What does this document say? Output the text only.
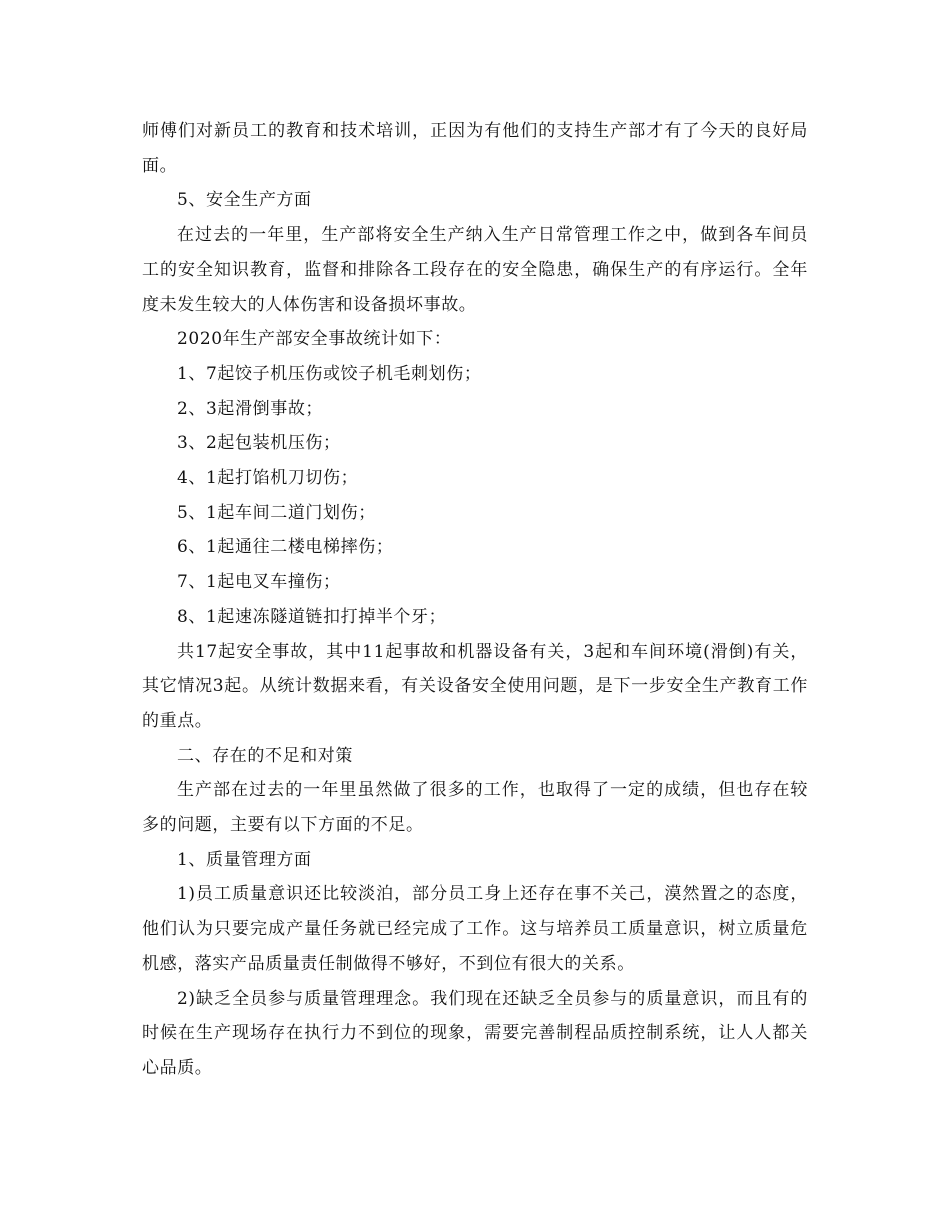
师傅们对新员工的教育和技术培训，正因为有他们的支持生产部才有了今天的良好局面。

5、安全生产方面

在过去的一年里，生产部将安全生产纳入生产日常管理工作之中，做到各车间员工的安全知识教育，监督和排除各工段存在的安全隐患，确保生产的有序运行。全年度未发生较大的人体伤害和设备损坏事故。

2020年生产部安全事故统计如下：

1、7起饺子机压伤或饺子机毛刺划伤；

2、3起滑倒事故；

3、2起包装机压伤；

4、1起打馅机刀切伤；

5、1起车间二道门划伤；

6、1起通往二楼电梯摔伤；

7、1起电叉车撞伤；

8、1起速冻隧道链扣打掉半个牙；

共17起安全事故，其中11起事故和机器设备有关，3起和车间环境(滑倒)有关，其它情况3起。从统计数据来看，有关设备安全使用问题，是下一步安全生产教育工作的重点。

二、存在的不足和对策

生产部在过去的一年里虽然做了很多的工作，也取得了一定的成绩，但也存在较多的问题，主要有以下方面的不足。

1、质量管理方面

1)员工质量意识还比较淡泊，部分员工身上还存在事不关己，漠然置之的态度，他们认为只要完成产量任务就已经完成了工作。这与培养员工质量意识，树立质量危机感，落实产品质量责任制做得不够好，不到位有很大的关系。

2)缺乏全员参与质量管理理念。我们现在还缺乏全员参与的质量意识，而且有的时候在生产现场存在执行力不到位的现象，需要完善制程品质控制系统，让人人都关心品质。
